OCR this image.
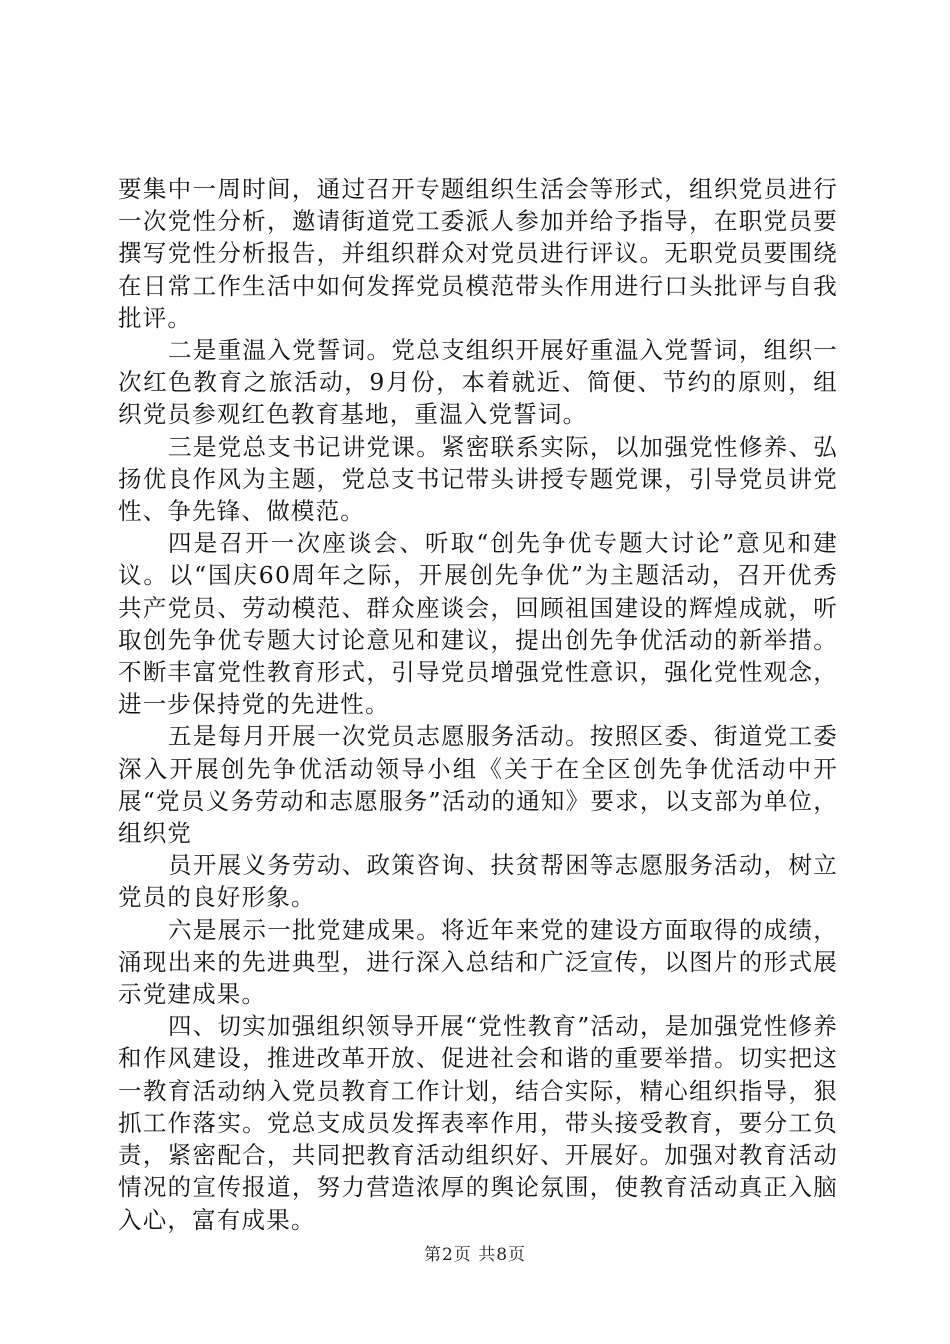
要集中一周时间，通过召开专题组织生活会等形式，组织党员进行一次党性分析，邀请街道党工委派人参加并给予指导，在职党员要撰写党性分析报告，并组织群众对党员进行评议。无职党员要围绕在日常工作生活中如何发挥党员模范带头作用进行口头批评与自我批评。

二是重温入党誓词。党总支组织开展好重温入党誓词，组织一次红色教育之旅活动，9月份，本着就近、简便、节约的原则，组织党员参观红色教育基地，重温入党誓词。

三是党总支书记讲党课。紧密联系实际，以加强党性修养、弘扬优良作风为主题，党总支书记带头讲授专题党课，引导党员讲党性、争先锋、做模范。

四是召开一次座谈会、听取“创先争优专题大讨论”意见和建议。以“国庆60周年之际，开展创先争优”为主题活动，召开优秀共产党员、劳动模范、群众座谈会，回顾祖国建设的辉煌成就，听取创先争优专题大讨论意见和建议，提出创先争优活动的新举措。不断丰富党性教育形式，引导党员增强党性意识，强化党性观念，进一步保持党的先进性。

五是每月开展一次党员志愿服务活动。按照区委、街道党工委深入开展创先争优活动领导小组《关于在全区创先争优活动中开展“党员义务劳动和志愿服务”活动的通知》要求，以支部为单位，组织党

员开展义务劳动、政策咨询、扶贫帮困等志愿服务活动，树立党员的良好形象。

六是展示一批党建成果。将近年来党的建设方面取得的成绩，涌现出来的先进典型，进行深入总结和广泛宣传，以图片的形式展示党建成果。

四、切实加强组织领导开展“党性教育”活动，是加强党性修养和作风建设，推进改革开放、促进社会和谐的重要举措。切实把这一教育活动纳入党员教育工作计划，结合实际，精心组织指导，狠抓工作落实。党总支成员发挥表率作用，带头接受教育，要分工负责，紧密配合，共同把教育活动组织好、开展好。加强对教育活动情况的宣传报道，努力营造浓厚的舆论氛围，使教育活动真正入脑入心，富有成果。

第2页 共8页
